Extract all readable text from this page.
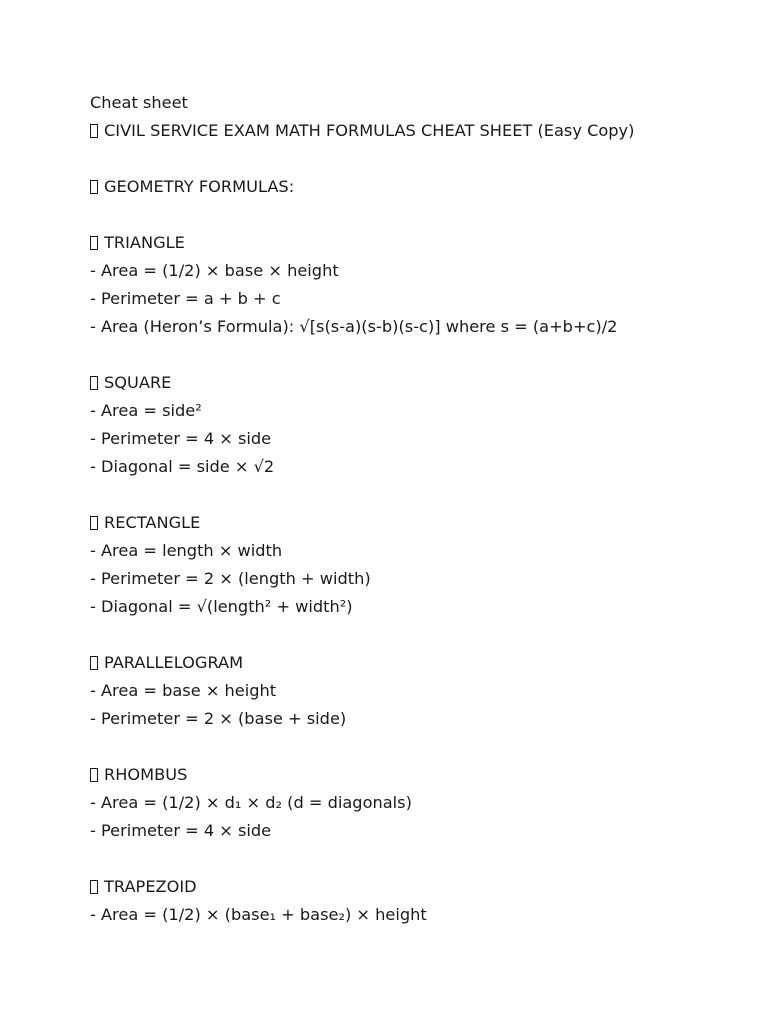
Cheat sheet
CIVIL SERVICE EXAM MATH FORMULAS CHEAT SHEET (Easy Copy)
GEOMETRY FORMULAS:
TRIANGLE
- Area = (1/2) × base × height
- Perimeter = a + b + c
- Area (Heron’s Formula): √[s(s-a)(s-b)(s-c)] where s = (a+b+c)/2
SQUARE
- Area = side²
- Perimeter = 4 × side
- Diagonal = side × √2
RECTANGLE
- Area = length × width
- Perimeter = 2 × (length + width)
- Diagonal = √(length² + width²)
PARALLELOGRAM
- Area = base × height
- Perimeter = 2 × (base + side)
RHOMBUS
- Area = (1/2) × d₁ × d₂ (d = diagonals)
- Perimeter = 4 × side
TRAPEZOID
- Area = (1/2) × (base₁ + base₂) × height
